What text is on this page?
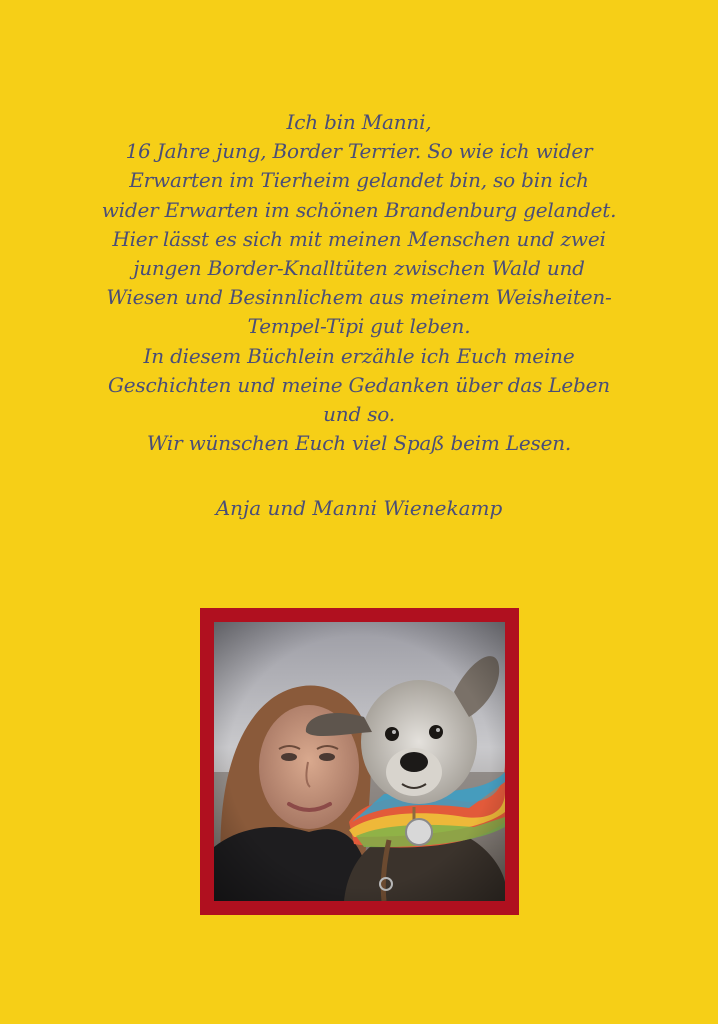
Ich bin Manni,
16 Jahre jung, Border Terrier. So wie ich wider
Erwarten im Tierheim gelandet bin, so bin ich
wider Erwarten im schönen Brandenburg gelandet.
Hier lässt es sich mit meinen Menschen und zwei
jungen Border-Knalltüten zwischen Wald und
Wiesen und Besinnlichem aus meinem Weisheiten-
Tempel-Tipi gut leben.
In diesem Büchlein erzähle ich Euch meine
Geschichten und meine Gedanken über das Leben
und so.
Wir wünschen Euch viel Spaß beim Lesen.
Anja und Manni Wienekamp
